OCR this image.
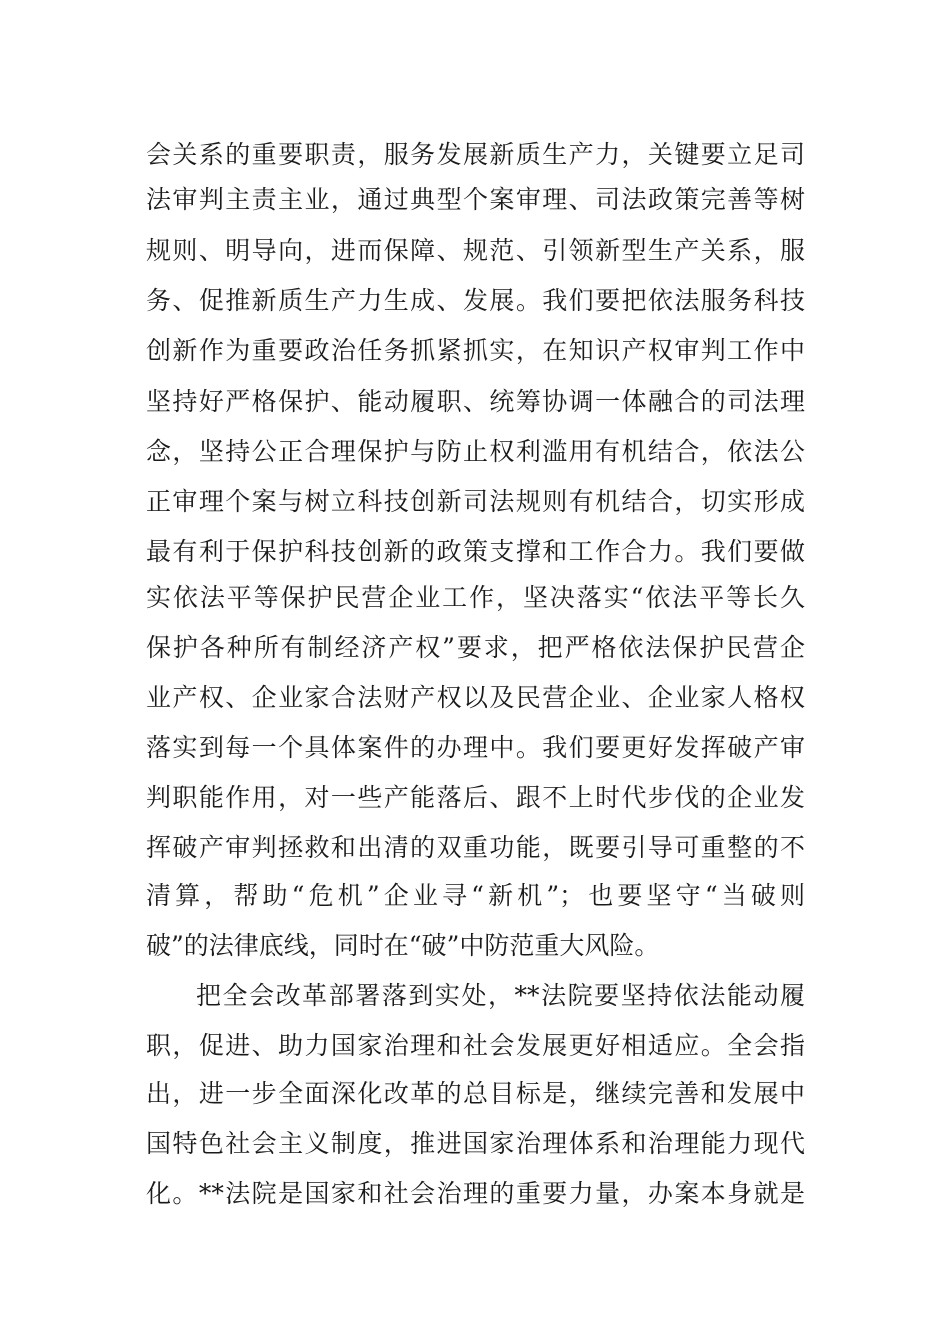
会关系的重要职责，服务发展新质生产力，关键要立足司
法审判主责主业，通过典型个案审理、司法政策完善等树
规则、明导向，进而保障、规范、引领新型生产关系，服
务、促推新质生产力生成、发展。我们要把依法服务科技
创新作为重要政治任务抓紧抓实，在知识产权审判工作中
坚持好严格保护、能动履职、统筹协调一体融合的司法理
念，坚持公正合理保护与防止权利滥用有机结合，依法公
正审理个案与树立科技创新司法规则有机结合，切实形成
最有利于保护科技创新的政策支撑和工作合力。我们要做
实依法平等保护民营企业工作，坚决落实“依法平等长久
保护各种所有制经济产权”要求，把严格依法保护民营企
业产权、企业家合法财产权以及民营企业、企业家人格权
落实到每一个具体案件的办理中。我们要更好发挥破产审
判职能作用，对一些产能落后、跟不上时代步伐的企业发
挥破产审判拯救和出清的双重功能，既要引导可重整的不
清算，帮助“危机”企业寻“新机”；也要坚守“当破则
破”的法律底线，同时在“破”中防范重大风险。
把全会改革部署落到实处，**法院要坚持依法能动履
职，促进、助力国家治理和社会发展更好相适应。全会指
出，进一步全面深化改革的总目标是，继续完善和发展中
国特色社会主义制度，推进国家治理体系和治理能力现代
化。**法院是国家和社会治理的重要力量，办案本身就是
